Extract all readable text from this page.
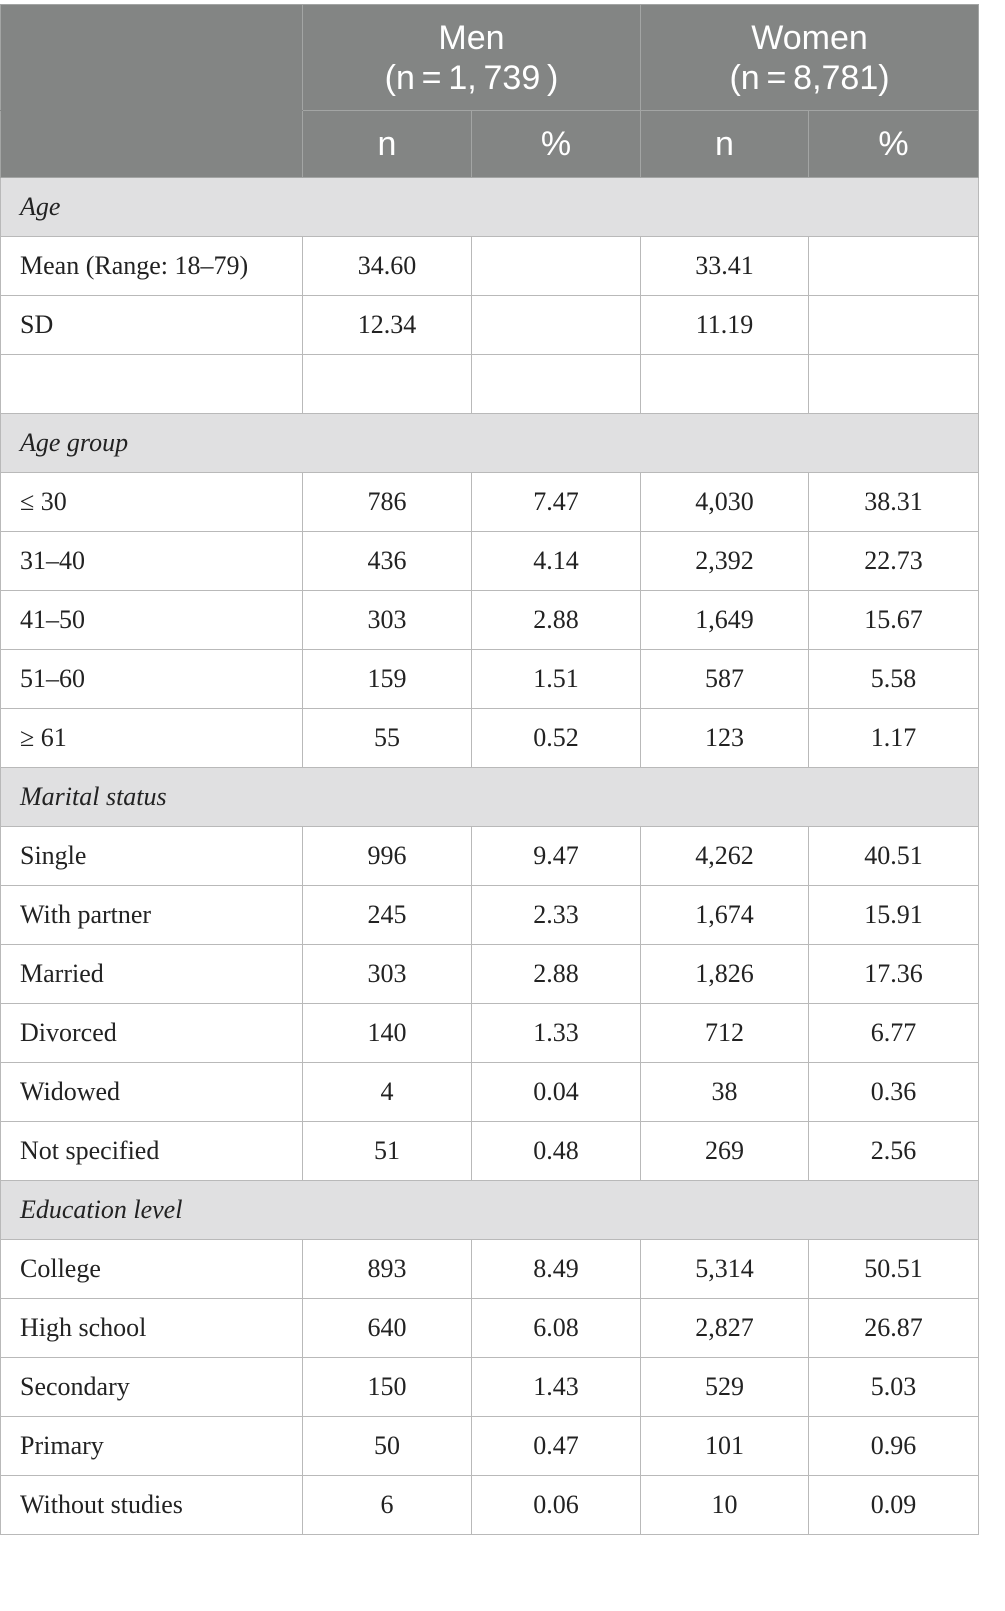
	Men
(n = 1, 739 )		Women
(n = 8,781)	

	n	%	n	%
Age				
Mean (Range: 18–79)	34.60		33.41	
SD	12.34		11.19	

Age group				
≤ 30	786	7.47	4,030	38.31
31–40	436	4.14	2,392	22.73
41–50	303	2.88	1,649	15.67
51–60	159	1.51	587	5.58
≥ 61	55	0.52	123	1.17
Marital status				
Single	996	9.47	4,262	40.51
With partner	245	2.33	1,674	15.91
Married	303	2.88	1,826	17.36
Divorced	140	1.33	712	6.77
Widowed	4	0.04	38	0.36
Not specified	51	0.48	269	2.56
Education level				
College	893	8.49	5,314	50.51
High school	640	6.08	2,827	26.87
Secondary	150	1.43	529	5.03
Primary	50	0.47	101	0.96
Without studies	6	0.06	10	0.09
